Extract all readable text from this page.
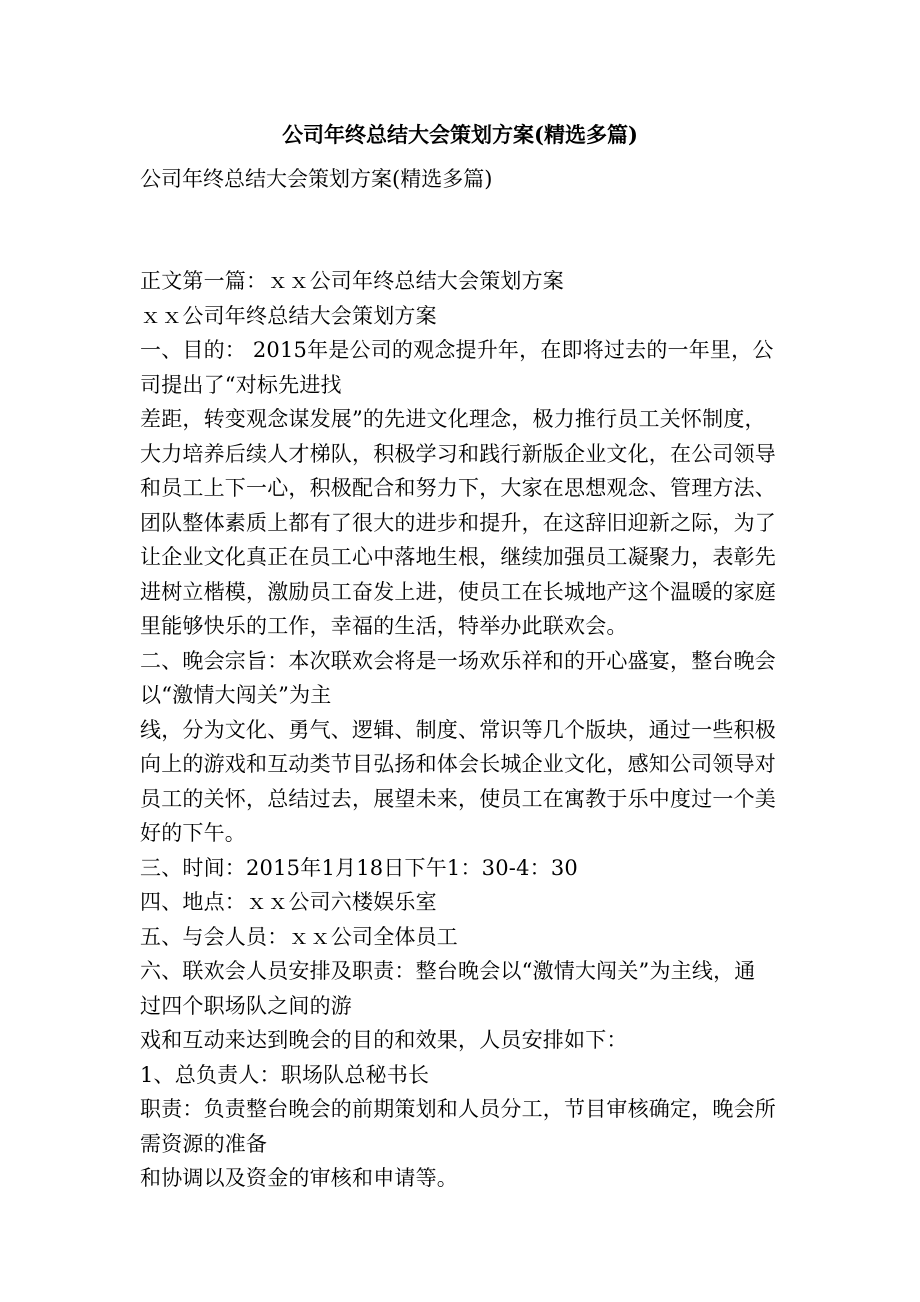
公司年终总结大会策划方案(精选多篇)

公司年终总结大会策划方案(精选多篇)

正文第一篇：ｘｘ公司年终总结大会策划方案
ｘｘ公司年终总结大会策划方案
一、目的： 2015年是公司的观念提升年，在即将过去的一年里，公
司提出了“对标先进找
差距，转变观念谋发展”的先进文化理念，极力推行员工关怀制度，
大力培养后续人才梯队，积极学习和践行新版企业文化，在公司领导
和员工上下一心，积极配合和努力下，大家在思想观念、管理方法、
团队整体素质上都有了很大的进步和提升，在这辞旧迎新之际，为了
让企业文化真正在员工心中落地生根，继续加强员工凝聚力，表彰先
进树立楷模，激励员工奋发上进，使员工在长城地产这个温暖的家庭
里能够快乐的工作，幸福的生活，特举办此联欢会。
二、晚会宗旨：本次联欢会将是一场欢乐祥和的开心盛宴，整台晚会
以“激情大闯关”为主
线，分为文化、勇气、逻辑、制度、常识等几个版块，通过一些积极
向上的游戏和互动类节目弘扬和体会长城企业文化，感知公司领导对
员工的关怀，总结过去，展望未来，使员工在寓教于乐中度过一个美
好的下午。
三、时间：2015年1月18日下午1：30-4：30
四、地点：ｘｘ公司六楼娱乐室
五、与会人员：ｘｘ公司全体员工
六、联欢会人员安排及职责：整台晚会以“激情大闯关”为主线，通
过四个职场队之间的游
戏和互动来达到晚会的目的和效果，人员安排如下：
1、总负责人：职场队总秘书长
职责：负责整台晚会的前期策划和人员分工，节目审核确定，晚会所
需资源的准备
和协调以及资金的审核和申请等。
